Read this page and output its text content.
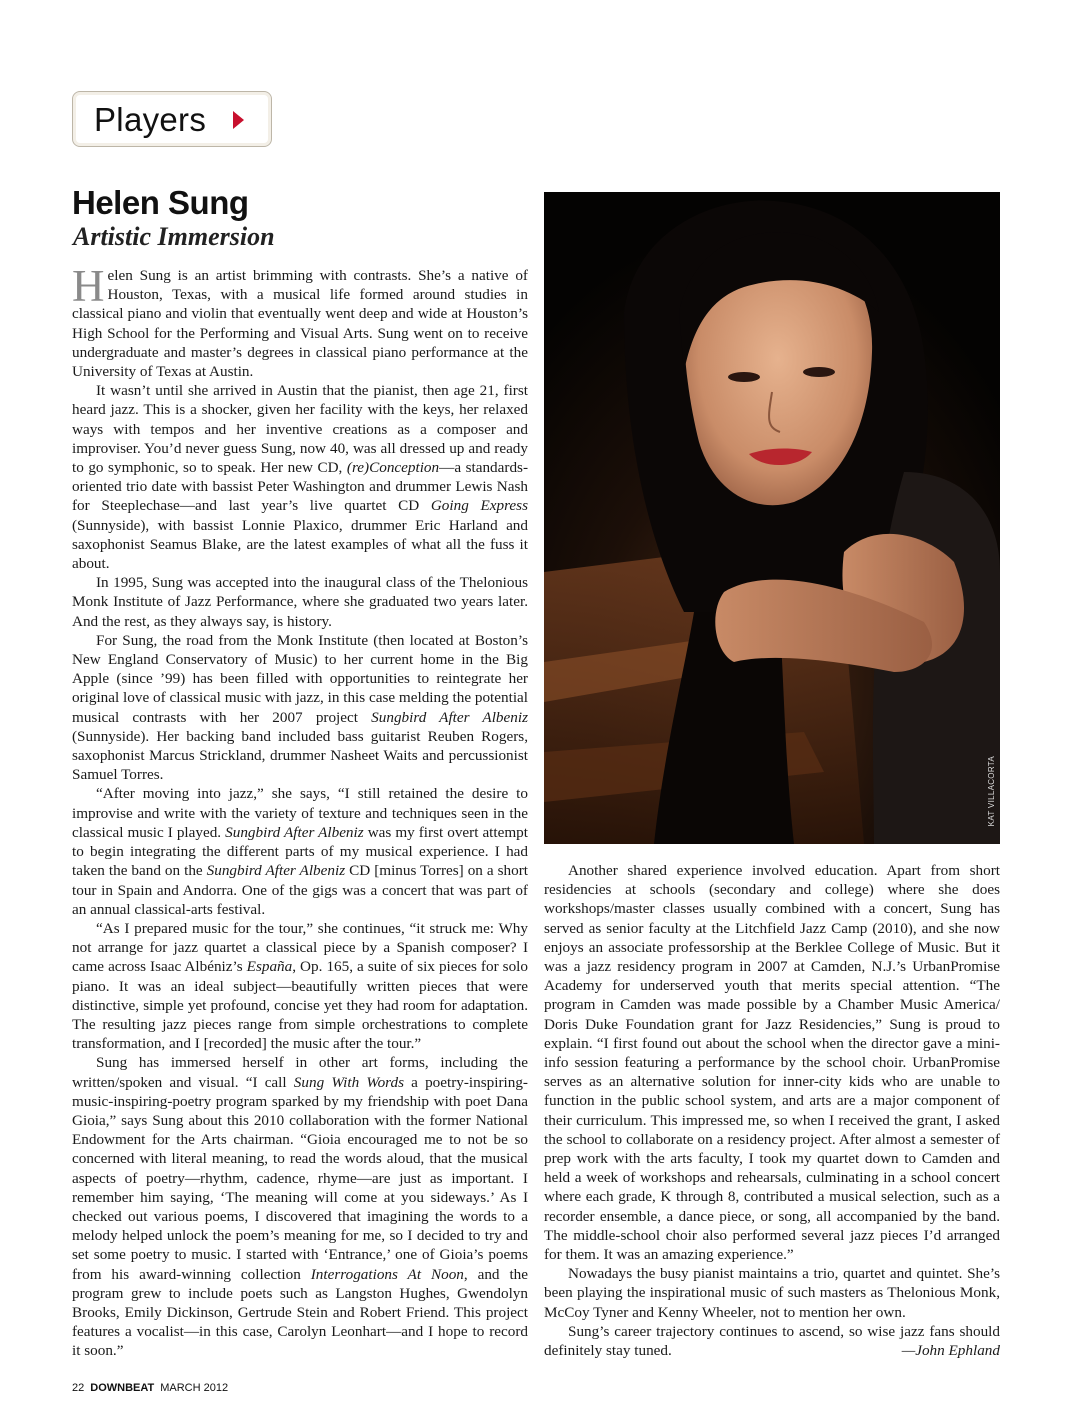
Players
Helen Sung
Artistic Immersion

Helen Sung is an artist brimming with contrasts. She’s a native of Houston, Texas, with a musical life formed around studies in classical piano and violin that eventually went deep and wide at Houston’s High School for the Performing and Visual Arts. Sung went on to receive undergraduate and master’s degrees in classical piano performance at the University of Texas at Austin.

It wasn’t until she arrived in Austin that the pianist, then age 21, first heard jazz. This is a shocker, given her facility with the keys, her relaxed ways with tempos and her inventive creations as a composer and improviser. You’d never guess Sung, now 40, was all dressed up and ready to go symphonic, so to speak. Her new CD, (re)Conception—a standards-oriented trio date with bassist Peter Washington and drummer Lewis Nash for Steeplechase—and last year’s live quartet CD Going Express (Sunnyside), with bassist Lonnie Plaxico, drummer Eric Harland and saxophonist Seamus Blake, are the latest examples of what all the fuss it about.

In 1995, Sung was accepted into the inaugural class of the Thelonious Monk Institute of Jazz Performance, where she graduated two years later. And the rest, as they always say, is history.

For Sung, the road from the Monk Institute (then located at Boston’s New England Conservatory of Music) to her current home in the Big Apple (since ’99) has been filled with opportunities to reintegrate her original love of classical music with jazz, in this case melding the potential musical contrasts with her 2007 project Sungbird After Albeniz (Sunnyside). Her backing band included bass guitarist Reuben Rogers, saxophonist Marcus Strickland, drummer Nasheet Waits and percussionist Samuel Torres.

“After moving into jazz,” she says, “I still retained the desire to improvise and write with the variety of texture and techniques seen in the classical music I played. Sungbird After Albeniz was my first overt attempt to begin integrating the different parts of my musical experience. I had taken the band on the Sungbird After Albeniz CD [minus Torres] on a short tour in Spain and Andorra. One of the gigs was a concert that was part of an annual classical-arts festival.

“As I prepared music for the tour,” she continues, “it struck me: Why not arrange for jazz quartet a classical piece by a Spanish composer? I came across Isaac Albéniz’s España, Op. 165, a suite of six pieces for solo piano. It was an ideal subject—beautifully written pieces that were distinctive, simple yet profound, concise yet they had room for adaptation. The resulting jazz pieces range from simple orchestrations to complete transformation, and I [recorded] the music after the tour.”

Sung has immersed herself in other art forms, including the written/spoken and visual. “I call Sung With Words a poetry-inspiring-music-inspiring-poetry program sparked by my friendship with poet Dana Gioia,” says Sung about this 2010 collaboration with the former National Endowment for the Arts chairman. “Gioia encouraged me to not be so concerned with literal meaning, to read the words aloud, that the musical aspects of poetry—rhythm, cadence, rhyme—are just as important. I remember him saying, ‘The meaning will come at you sideways.’ As I checked out various poems, I discovered that imagining the words to a melody helped unlock the poem’s meaning for me, so I decided to try and set some poetry to music. I started with ‘Entrance,’ one of Gioia’s poems from his award-winning collection Interrogations At Noon, and the program grew to include poets such as Langston Hughes, Gwendolyn Brooks, Emily Dickinson, Gertrude Stein and Robert Friend. This project features a vocalist—in this case, Carolyn Leonhart—and I hope to record it soon.”

KAT VILLACORTA

Another shared experience involved education. Apart from short residencies at schools (secondary and college) where she does workshops/master classes usually combined with a concert, Sung has served as senior faculty at the Litchfield Jazz Camp (2010), and she now enjoys an associate professorship at the Berklee College of Music. But it was a jazz residency program in 2007 at Camden, N.J.’s UrbanPromise Academy for underserved youth that merits special attention. “The program in Camden was made possible by a Chamber Music America/ Doris Duke Foundation grant for Jazz Residencies,” Sung is proud to explain. “I first found out about the school when the director gave a mini-info session featuring a performance by the school choir. UrbanPromise serves as an alternative solution for inner-city kids who are unable to function in the public school system, and arts are a major component of their curriculum. This impressed me, so when I received the grant, I asked the school to collaborate on a residency project. After almost a semester of prep work with the arts faculty, I took my quartet down to Camden and held a week of workshops and rehearsals, culminating in a school concert where each grade, K through 8, contributed a musical selection, such as a recorder ensemble, a dance piece, or song, all accompanied by the band. The middle-school choir also performed several jazz pieces I’d arranged for them. It was an amazing experience.”

Nowadays the busy pianist maintains a trio, quartet and quintet. She’s been playing the inspirational music of such masters as Thelonious Monk, McCoy Tyner and Kenny Wheeler, not to mention her own.

Sung’s career trajectory continues to ascend, so wise jazz fans should definitely stay tuned.	—John Ephland

22 DOWNBEAT MARCH 2012
